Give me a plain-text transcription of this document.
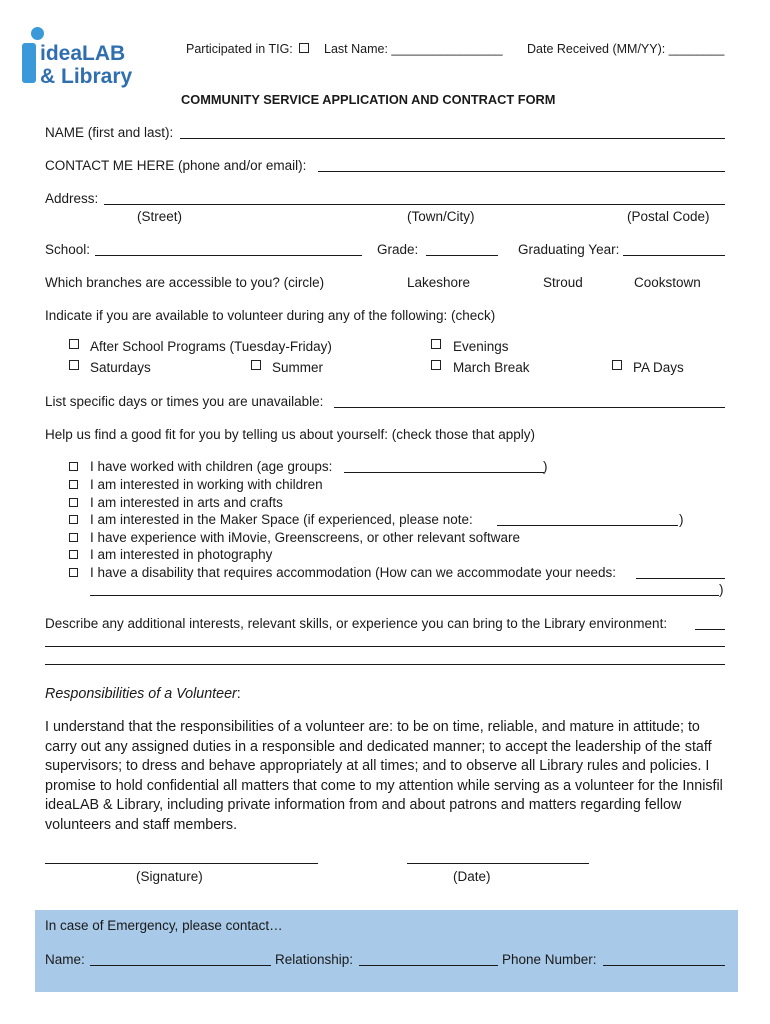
ideaLAB
& Library
Participated in TIG: Last Name: ________________ Date Received (MM/YY): ________
COMMUNITY SERVICE APPLICATION AND CONTRACT FORM
NAME (first and last):
CONTACT ME HERE (phone and/or email):
Address:
(Street)	(Town/City)	(Postal Code)
School:	Grade:	Graduating Year:
Which branches are accessible to you? (circle)	Lakeshore	Stroud	Cookstown
Indicate if you are available to volunteer during any of the following: (check)
After School Programs (Tuesday-Friday)	Evenings
Saturdays	Summer	March Break	PA Days
List specific days or times you are unavailable:
Help us find a good fit for you by telling us about yourself: (check those that apply)
I have worked with children (age groups:	)
I am interested in working with children
I am interested in arts and crafts
I am interested in the Maker Space (if experienced, please note:	)
I have experience with iMovie, Greenscreens, or other relevant software
I am interested in photography
I have a disability that requires accommodation (How can we accommodate your needs:
)
Describe any additional interests, relevant skills, or experience you can bring to the Library environment:
Responsibilities of a Volunteer:
I understand that the responsibilities of a volunteer are: to be on time, reliable, and mature in attitude; to carry out any assigned duties in a responsible and dedicated manner; to accept the leadership of the staff supervisors; to dress and behave appropriately at all times; and to observe all Library rules and policies. I promise to hold confidential all matters that come to my attention while serving as a volunteer for the Innisfil ideaLAB & Library, including private information from and about patrons and matters regarding fellow volunteers and staff members.
(Signature)	(Date)
In case of Emergency, please contact…
Name:	Relationship:	Phone Number:
